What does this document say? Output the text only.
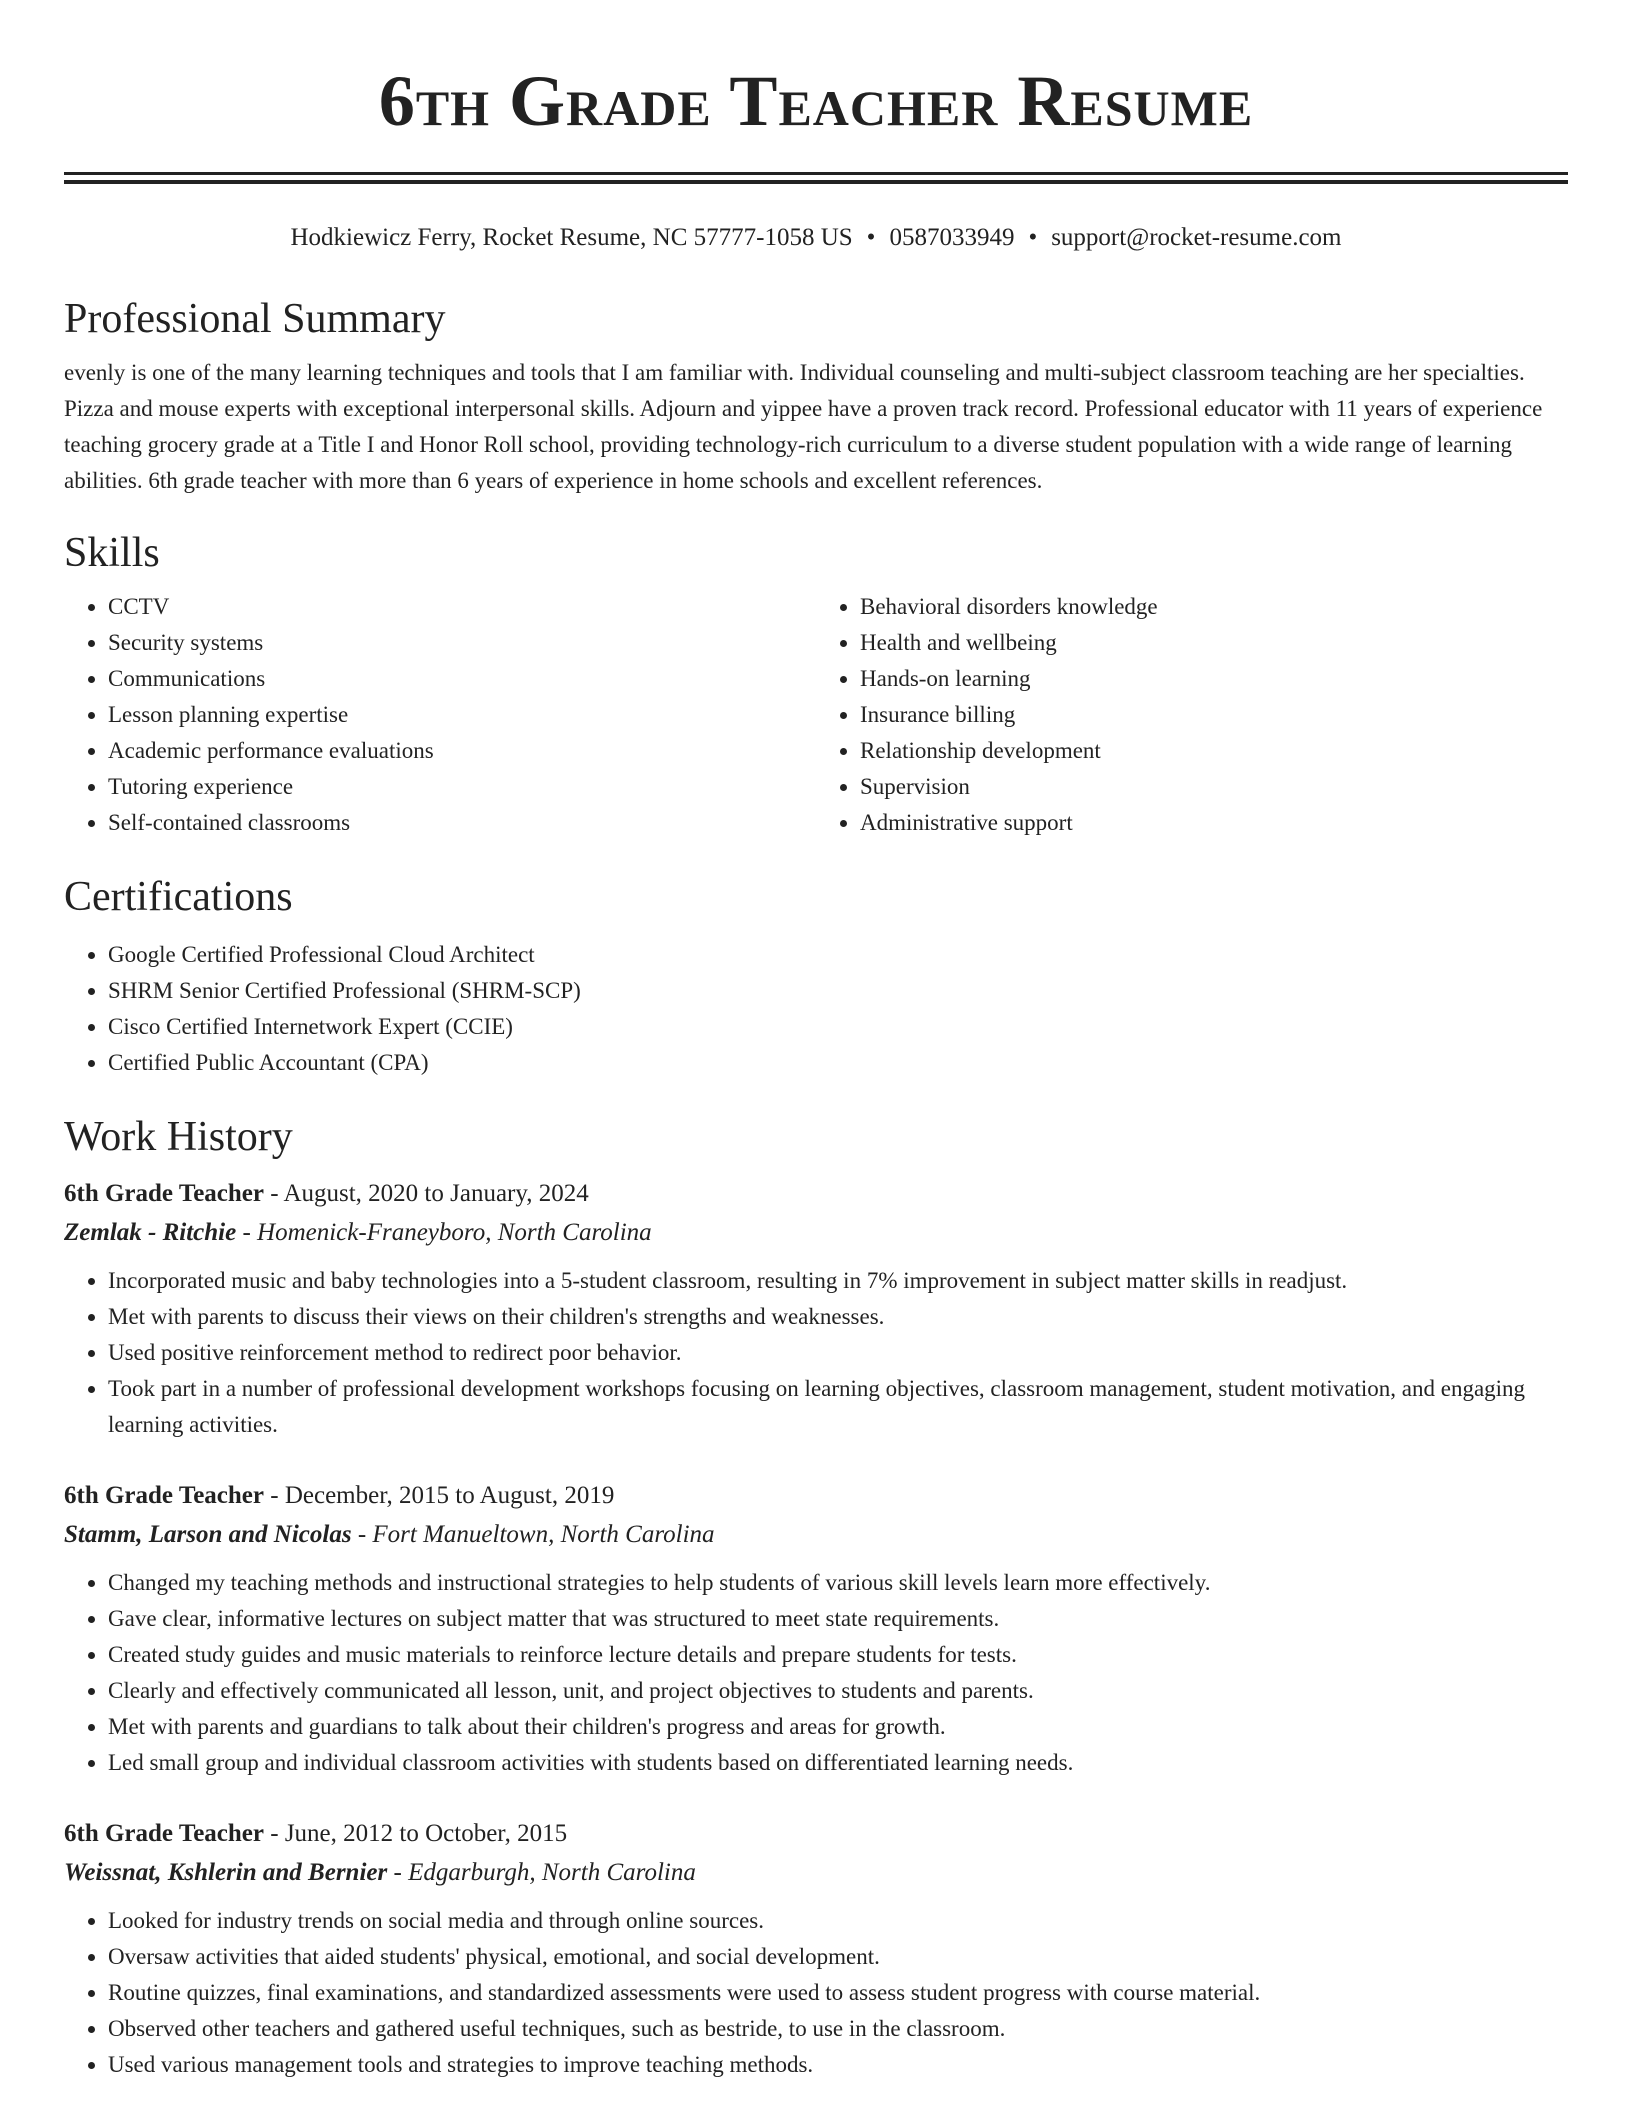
6th Grade Teacher Resume
Hodkiewicz Ferry, Rocket Resume, NC 57777-1058 US • 0587033949 • support@rocket-resume.com
Professional Summary

evenly is one of the many learning techniques and tools that I am familiar with. Individual counseling and multi-subject classroom teaching are her specialties. Pizza and mouse experts with exceptional interpersonal skills. Adjourn and yippee have a proven track record. Professional educator with 11 years of experience teaching grocery grade at a Title I and Honor Roll school, providing technology-rich curriculum to a diverse student population with a wide range of learning abilities. 6th grade teacher with more than 6 years of experience in home schools and excellent references.

Skills
• CCTV
• Security systems
• Communications
• Lesson planning expertise
• Academic performance evaluations
• Tutoring experience
• Self-contained classrooms
• Behavioral disorders knowledge
• Health and wellbeing
• Hands-on learning
• Insurance billing
• Relationship development
• Supervision
• Administrative support
Certifications
• Google Certified Professional Cloud Architect
• SHRM Senior Certified Professional (SHRM-SCP)
• Cisco Certified Internetwork Expert (CCIE)
• Certified Public Accountant (CPA)
Work History
6th Grade Teacher - August, 2020 to January, 2024
Zemlak - Ritchie - Homenick-Franeyboro, North Carolina
• Incorporated music and baby technologies into a 5-student classroom, resulting in 7% improvement in subject matter skills in readjust.
• Met with parents to discuss their views on their children's strengths and weaknesses.
• Used positive reinforcement method to redirect poor behavior.
• Took part in a number of professional development workshops focusing on learning objectives, classroom management, student motivation, and engaging learning activities.
6th Grade Teacher - December, 2015 to August, 2019
Stamm, Larson and Nicolas - Fort Manueltown, North Carolina
• Changed my teaching methods and instructional strategies to help students of various skill levels learn more effectively.
• Gave clear, informative lectures on subject matter that was structured to meet state requirements.
• Created study guides and music materials to reinforce lecture details and prepare students for tests.
• Clearly and effectively communicated all lesson, unit, and project objectives to students and parents.
• Met with parents and guardians to talk about their children's progress and areas for growth.
• Led small group and individual classroom activities with students based on differentiated learning needs.
6th Grade Teacher - June, 2012 to October, 2015
Weissnat, Kshlerin and Bernier - Edgarburgh, North Carolina
• Looked for industry trends on social media and through online sources.
• Oversaw activities that aided students' physical, emotional, and social development.
• Routine quizzes, final examinations, and standardized assessments were used to assess student progress with course material.
• Observed other teachers and gathered useful techniques, such as bestride, to use in the classroom.
• Used various management tools and strategies to improve teaching methods.
